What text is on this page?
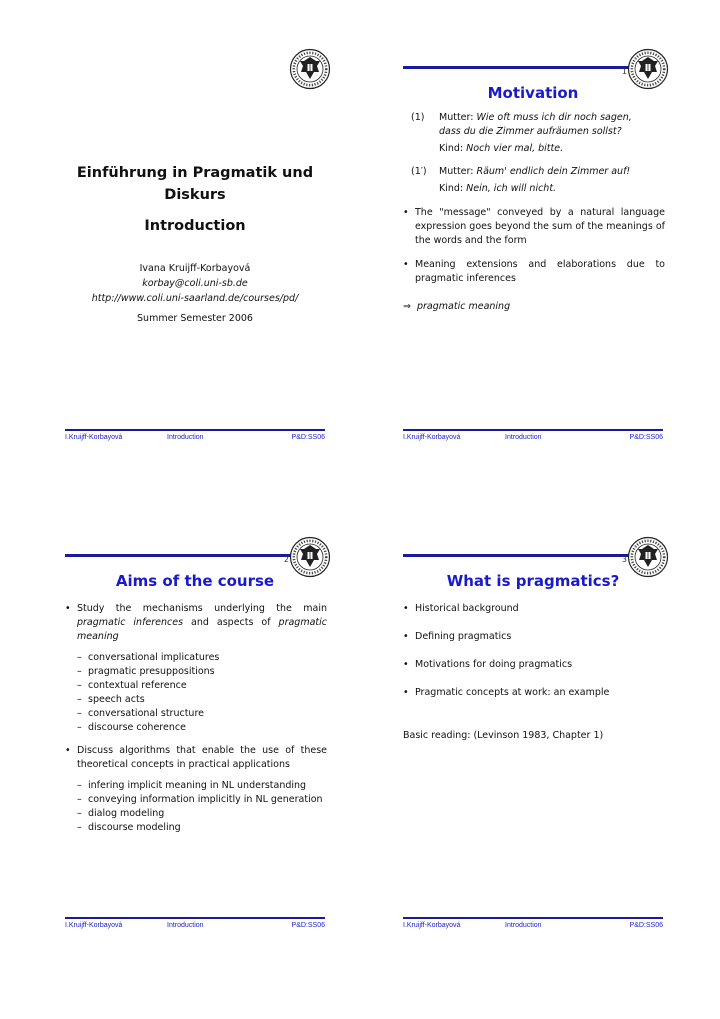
Einführung in Pragmatik und
Diskurs
Introduction
Ivana Kruijff-Korbayová
korbay@coli.uni-sb.de
http://www.coli.uni-saarland.de/courses/pd/
Summer Semester 2006
I.Kruijff-Korbayová	Introduction	P&D:SS06
1
Motivation
(1) Mutter: Wie oft muss ich dir noch sagen,
dass du die Zimmer aufräumen sollst?
Kind: Noch vier mal, bitte.
(1′) Mutter: Räum' endlich dein Zimmer auf!
Kind: Nein, ich will nicht.
• The "message" conveyed by a natural language expression goes beyond the sum of the meanings of the words and the form
• Meaning extensions and elaborations due to pragmatic inferences
⇒ pragmatic meaning
I.Kruijff-Korbayová	Introduction	P&D:SS06
2
Aims of the course
• Study the mechanisms underlying the main pragmatic inferences and aspects of pragmatic meaning
– conversational implicatures
– pragmatic presuppositions
– contextual reference
– speech acts
– conversational structure
– discourse coherence
• Discuss algorithms that enable the use of these theoretical concepts in practical applications
– infering implicit meaning in NL understanding
– conveying information implicitly in NL generation
– dialog modeling
– discourse modeling
I.Kruijff-Korbayová	Introduction	P&D:SS06
3
What is pragmatics?
• Historical background
• Defining pragmatics
• Motivations for doing pragmatics
• Pragmatic concepts at work: an example
Basic reading: (Levinson 1983, Chapter 1)
I.Kruijff-Korbayová	Introduction	P&D:SS06
